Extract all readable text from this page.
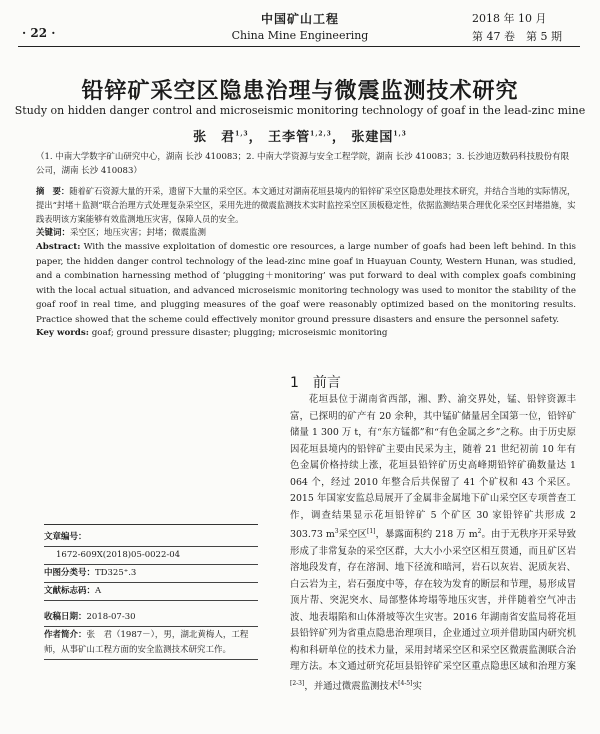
· 22 ·
中国矿山工程
China Mine Engineering
2018 年 10 月
第 47 卷　第 5 期
铅锌矿采空区隐患治理与微震监测技术研究
Study on hidden danger control and microseismic monitoring technology of goaf in the lead-zinc mine
张　君$^{1,3}$， 王李管$^{1,2,3}$， 张建国$^{1,3}$
（1. 中南大学数字矿山研究中心，湖南 长沙 410083；2. 中南大学资源与安全工程学院，湖南 长沙 410083；3. 长沙迪迈数码科技股份有限公司，湖南 长沙 410083）
摘　要：随着矿石资源大量的开采，遗留下大量的采空区。本文通过对湖南花垣县境内的铅锌矿采空区隐患处理技术研究，并结合当地的实际情况，提出“封堵＋监测”联合治理方式处理复杂采空区，采用先进的微震监测技术实时监控采空区顶板稳定性，依据监测结果合理优化采空区封堵措施，实践表明该方案能够有效监测地压灾害，保障人员的安全。
关键词：采空区；地压灾害；封堵；微震监测
Abstract: With the massive exploitation of domestic ore resources, a large number of goafs had been left behind. In this paper, the hidden danger control technology of the lead-zinc mine goaf in Huayuan County, Western Hunan, was studied, and a combination harnessing method of ‘plugging＋monitoring’ was put forward to deal with complex goafs combining with the local actual situation, and advanced microseismic monitoring technology was used to monitor the stability of the goaf roof in real time, and plugging measures of the goaf were reasonably optimized based on the monitoring results. Practice showed that the scheme could effectively monitor ground pressure disasters and ensure the personnel safety.
Key words: goaf; ground pressure disaster; plugging; microseismic monitoring
1 前言

花垣县位于湖南省西部，湘、黔、渝交界处，锰、铅锌资源丰富，已探明的矿产有 20 余种，其中锰矿储量居全国第一位，铅锌矿储量 1 300 万 t，有“东方锰都”和“有色金属之乡”之称。由于历史原因花垣县境内的铅锌矿主要由民采为主，随着 21 世纪初前 10 年有色金属价格持续上涨，花垣县铅锌矿历史高峰期铅锌矿确数量达 1 064 个，经过 2010 年整合后共保留了 41 个矿权和 43 个采区。2015 年国家安监总局展开了金属非金属地下矿山采空区专项普查工作，调查结果显示花垣铅锌矿 5 个矿区 30 家铅锌矿共形成 2 303.73 $m^3$采空区[1]，暴露面积约 218 万 $m^2$。由于无秩序开采导致形成了非常复杂的采空区群，大大小小采空区相互贯通，而且矿区岩溶地段发育，存在溶洞、地下径流和暗河，岩石以灰岩、泥质灰岩、白云岩为主，岩石强度中等，存在较为发育的断层和节理，易形成冒顶片帮、突泥突水、局部整体垮塌等地压灾害，并伴随着空气冲击波、地表塌陷和山体滑坡等次生灾害。2016 年湖南省安监局将花垣县铅锌矿列为省重点隐患治理项目，企业通过立项并借助国内研究机构和科研单位的技术力量，采用封堵采空区和采空区微震监测联合治理方法。本文通过研究花垣县铅锌矿采空区重点隐患区域和治理方案[2-3]，并通过微震监测技术[4-5]实

文章编号：
1672-609X(2018)05-0022-04
中图分类号：TD325⁺.3
文献标志码：A
收稿日期：2018-07-30
作者简介：张　君（1987－），男，湖北黄梅人，工程师，从事矿山工程方面的安全监测技术研究工作。
